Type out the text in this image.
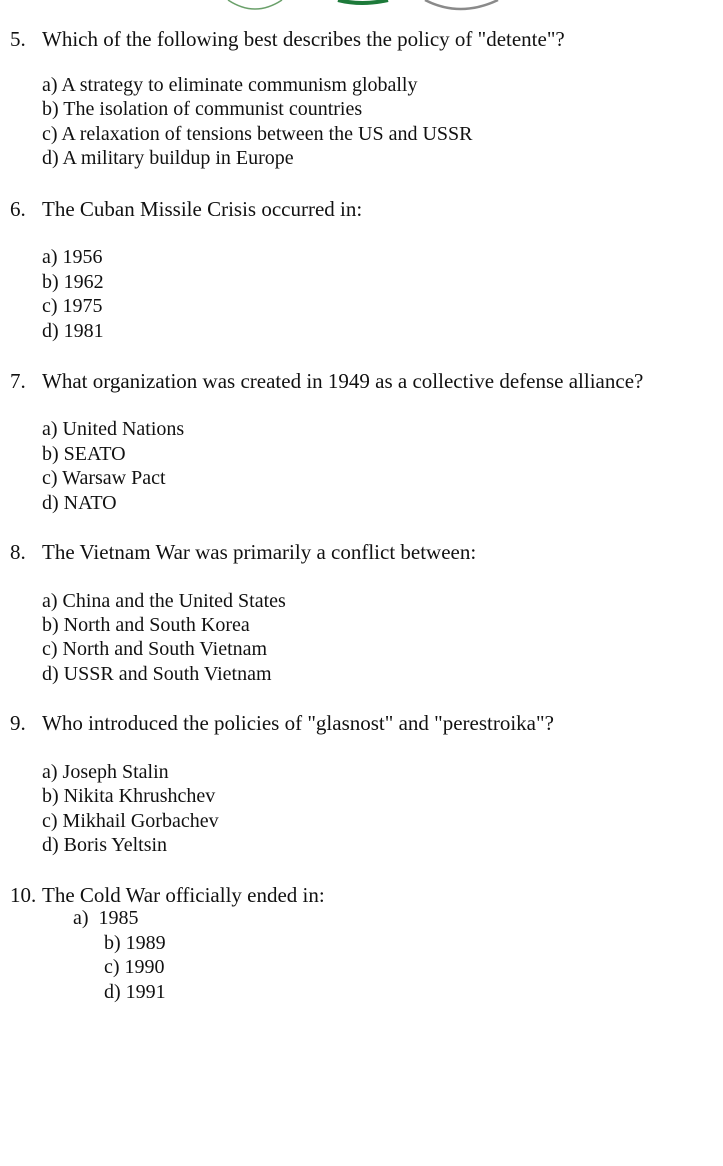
5. Which of the following best describes the policy of "detente"?
a) A strategy to eliminate communism globally
b) The isolation of communist countries
c) A relaxation of tensions between the US and USSR
d) A military buildup in Europe
6. The Cuban Missile Crisis occurred in:
a) 1956
b) 1962
c) 1975
d) 1981
7. What organization was created in 1949 as a collective defense alliance?
a) United Nations
b) SEATO
c) Warsaw Pact
d) NATO
8. The Vietnam War was primarily a conflict between:
a) China and the United States
b) North and South Korea
c) North and South Vietnam
d) USSR and South Vietnam
9. Who introduced the policies of "glasnost" and "perestroika"?
a) Joseph Stalin
b) Nikita Khrushchev
c) Mikhail Gorbachev
d) Boris Yeltsin
10. The Cold War officially ended in:
a)  1985
b) 1989
c) 1990
d) 1991
